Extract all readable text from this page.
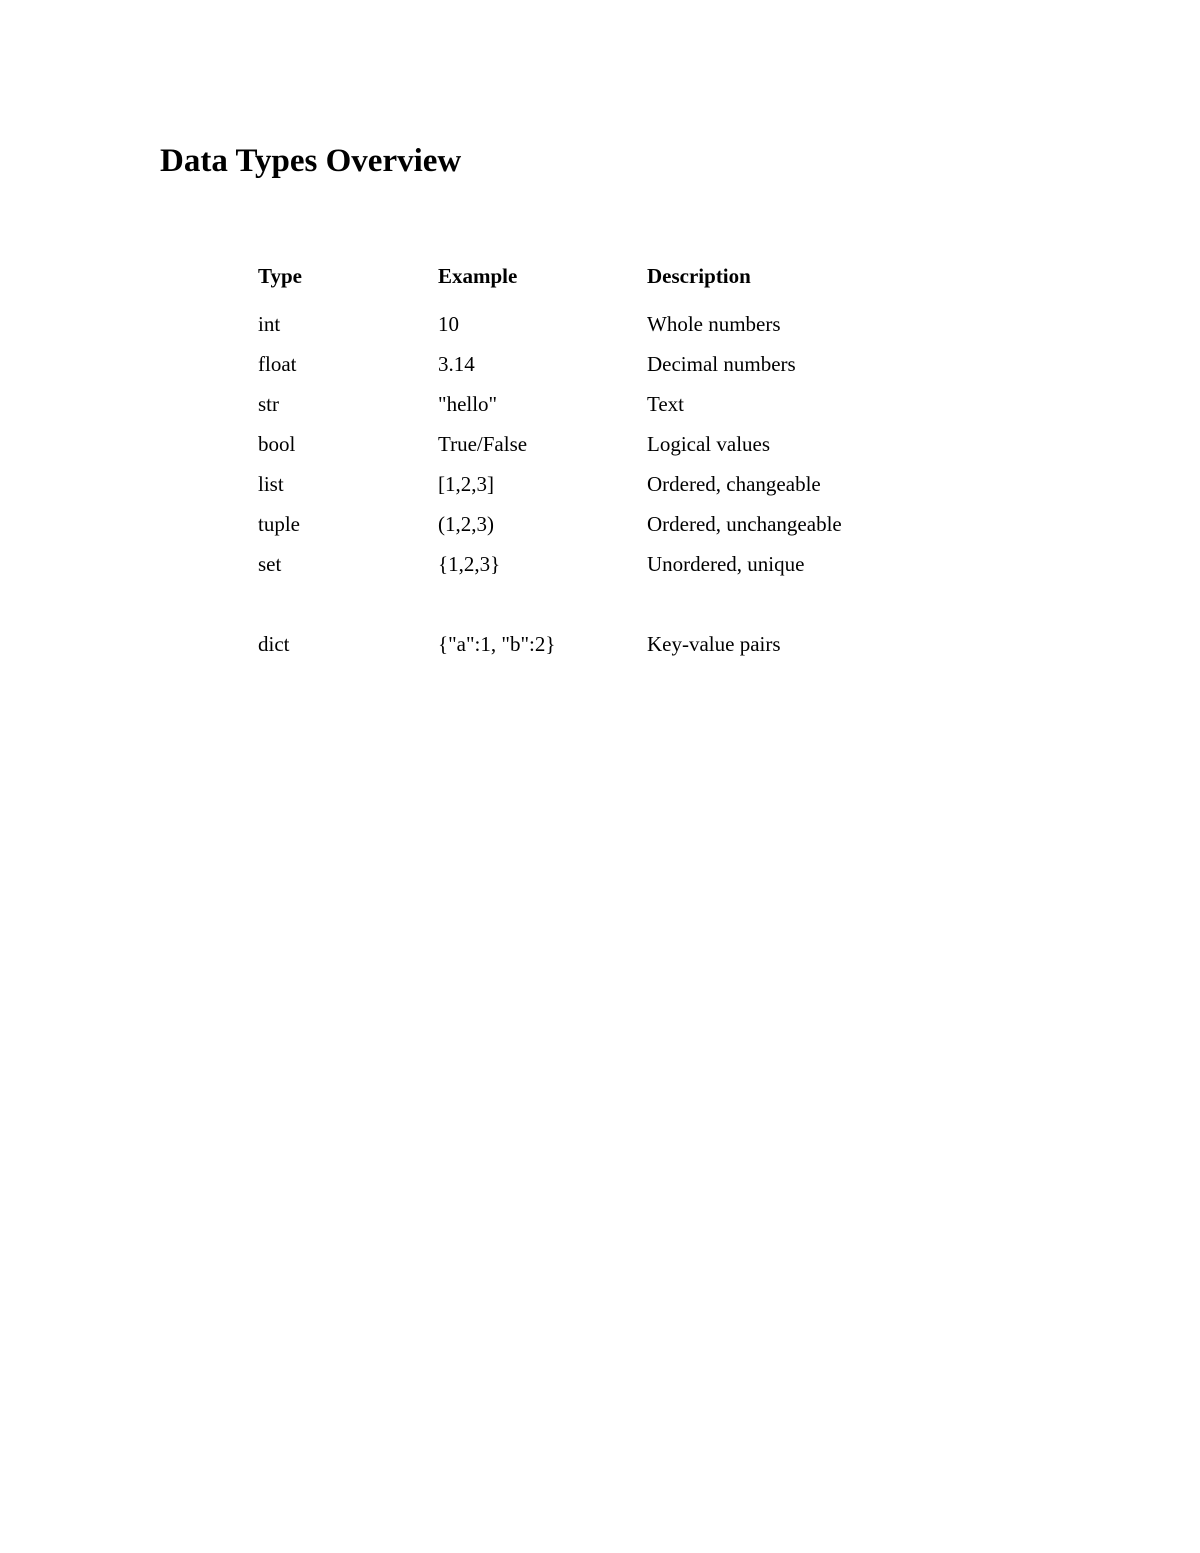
Data Types Overview
Type	Example	Description
int	10	Whole numbers
float	3.14	Decimal numbers
str	"hello"	Text
bool	True/False	Logical values
list	[1,2,3]	Ordered, changeable
tuple	(1,2,3)	Ordered, unchangeable
set	{1,2,3}	Unordered, unique
dict	{"a":1, "b":2}	Key-value pairs
